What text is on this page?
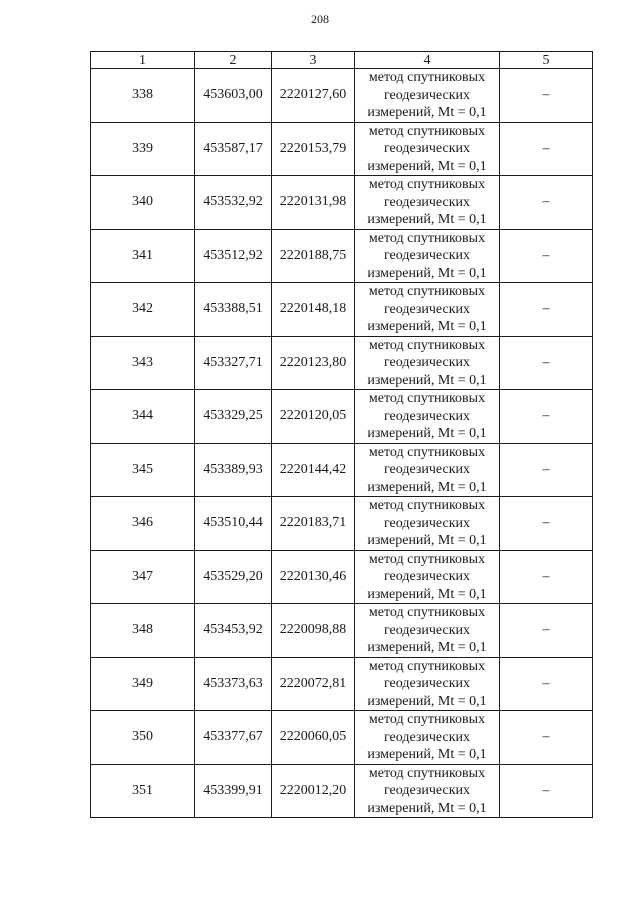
208
1	2	3	4	5
338	453603,00	2220127,60	метод спутниковых
геодезических
измерений, Mt = 0,1	–
339	453587,17	2220153,79	метод спутниковых
геодезических
измерений, Mt = 0,1	–
340	453532,92	2220131,98	метод спутниковых
геодезических
измерений, Mt = 0,1	–
341	453512,92	2220188,75	метод спутниковых
геодезических
измерений, Mt = 0,1	–
342	453388,51	2220148,18	метод спутниковых
геодезических
измерений, Mt = 0,1	–
343	453327,71	2220123,80	метод спутниковых
геодезических
измерений, Mt = 0,1	–
344	453329,25	2220120,05	метод спутниковых
геодезических
измерений, Mt = 0,1	–
345	453389,93	2220144,42	метод спутниковых
геодезических
измерений, Mt = 0,1	–
346	453510,44	2220183,71	метод спутниковых
геодезических
измерений, Mt = 0,1	–
347	453529,20	2220130,46	метод спутниковых
геодезических
измерений, Mt = 0,1	–
348	453453,92	2220098,88	метод спутниковых
геодезических
измерений, Mt = 0,1	–
349	453373,63	2220072,81	метод спутниковых
геодезических
измерений, Mt = 0,1	–
350	453377,67	2220060,05	метод спутниковых
геодезических
измерений, Mt = 0,1	–
351	453399,91	2220012,20	метод спутниковых
геодезических
измерений, Mt = 0,1	–
